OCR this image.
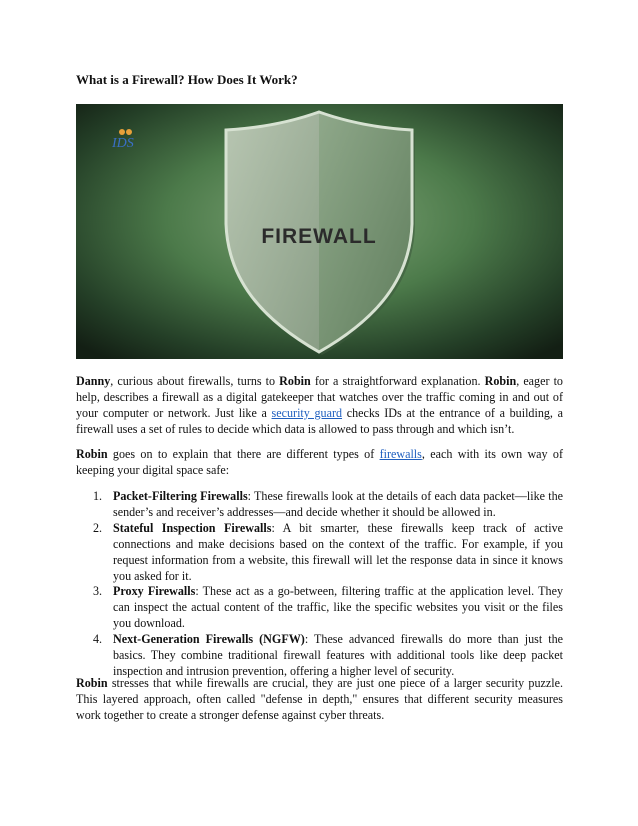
What is a Firewall? How Does It Work?
FIREWALL
IDS

Danny, curious about firewalls, turns to Robin for a straightforward explanation. Robin, eager to help, describes a firewall as a digital gatekeeper that watches over the traffic coming in and out of your computer or network. Just like a security guard checks IDs at the entrance of a building, a firewall uses a set of rules to decide which data is allowed to pass through and which isn’t.

Robin goes on to explain that there are different types of firewalls, each with its own way of keeping your digital space safe:

1. Packet-Filtering Firewalls: These firewalls look at the details of each data packet—like the sender’s and receiver’s addresses—and decide whether it should be allowed in.
2. Stateful Inspection Firewalls: A bit smarter, these firewalls keep track of active connections and make decisions based on the context of the traffic. For example, if you request information from a website, this firewall will let the response data in since it knows you asked for it.
3. Proxy Firewalls: These act as a go-between, filtering traffic at the application level. They can inspect the actual content of the traffic, like the specific websites you visit or the files you download.
4. Next-Generation Firewalls (NGFW): These advanced firewalls do more than just the basics. They combine traditional firewall features with additional tools like deep packet inspection and intrusion prevention, offering a higher level of security.

Robin stresses that while firewalls are crucial, they are just one piece of a larger security puzzle. This layered approach, often called "defense in depth," ensures that different security measures work together to create a stronger defense against cyber threats.
